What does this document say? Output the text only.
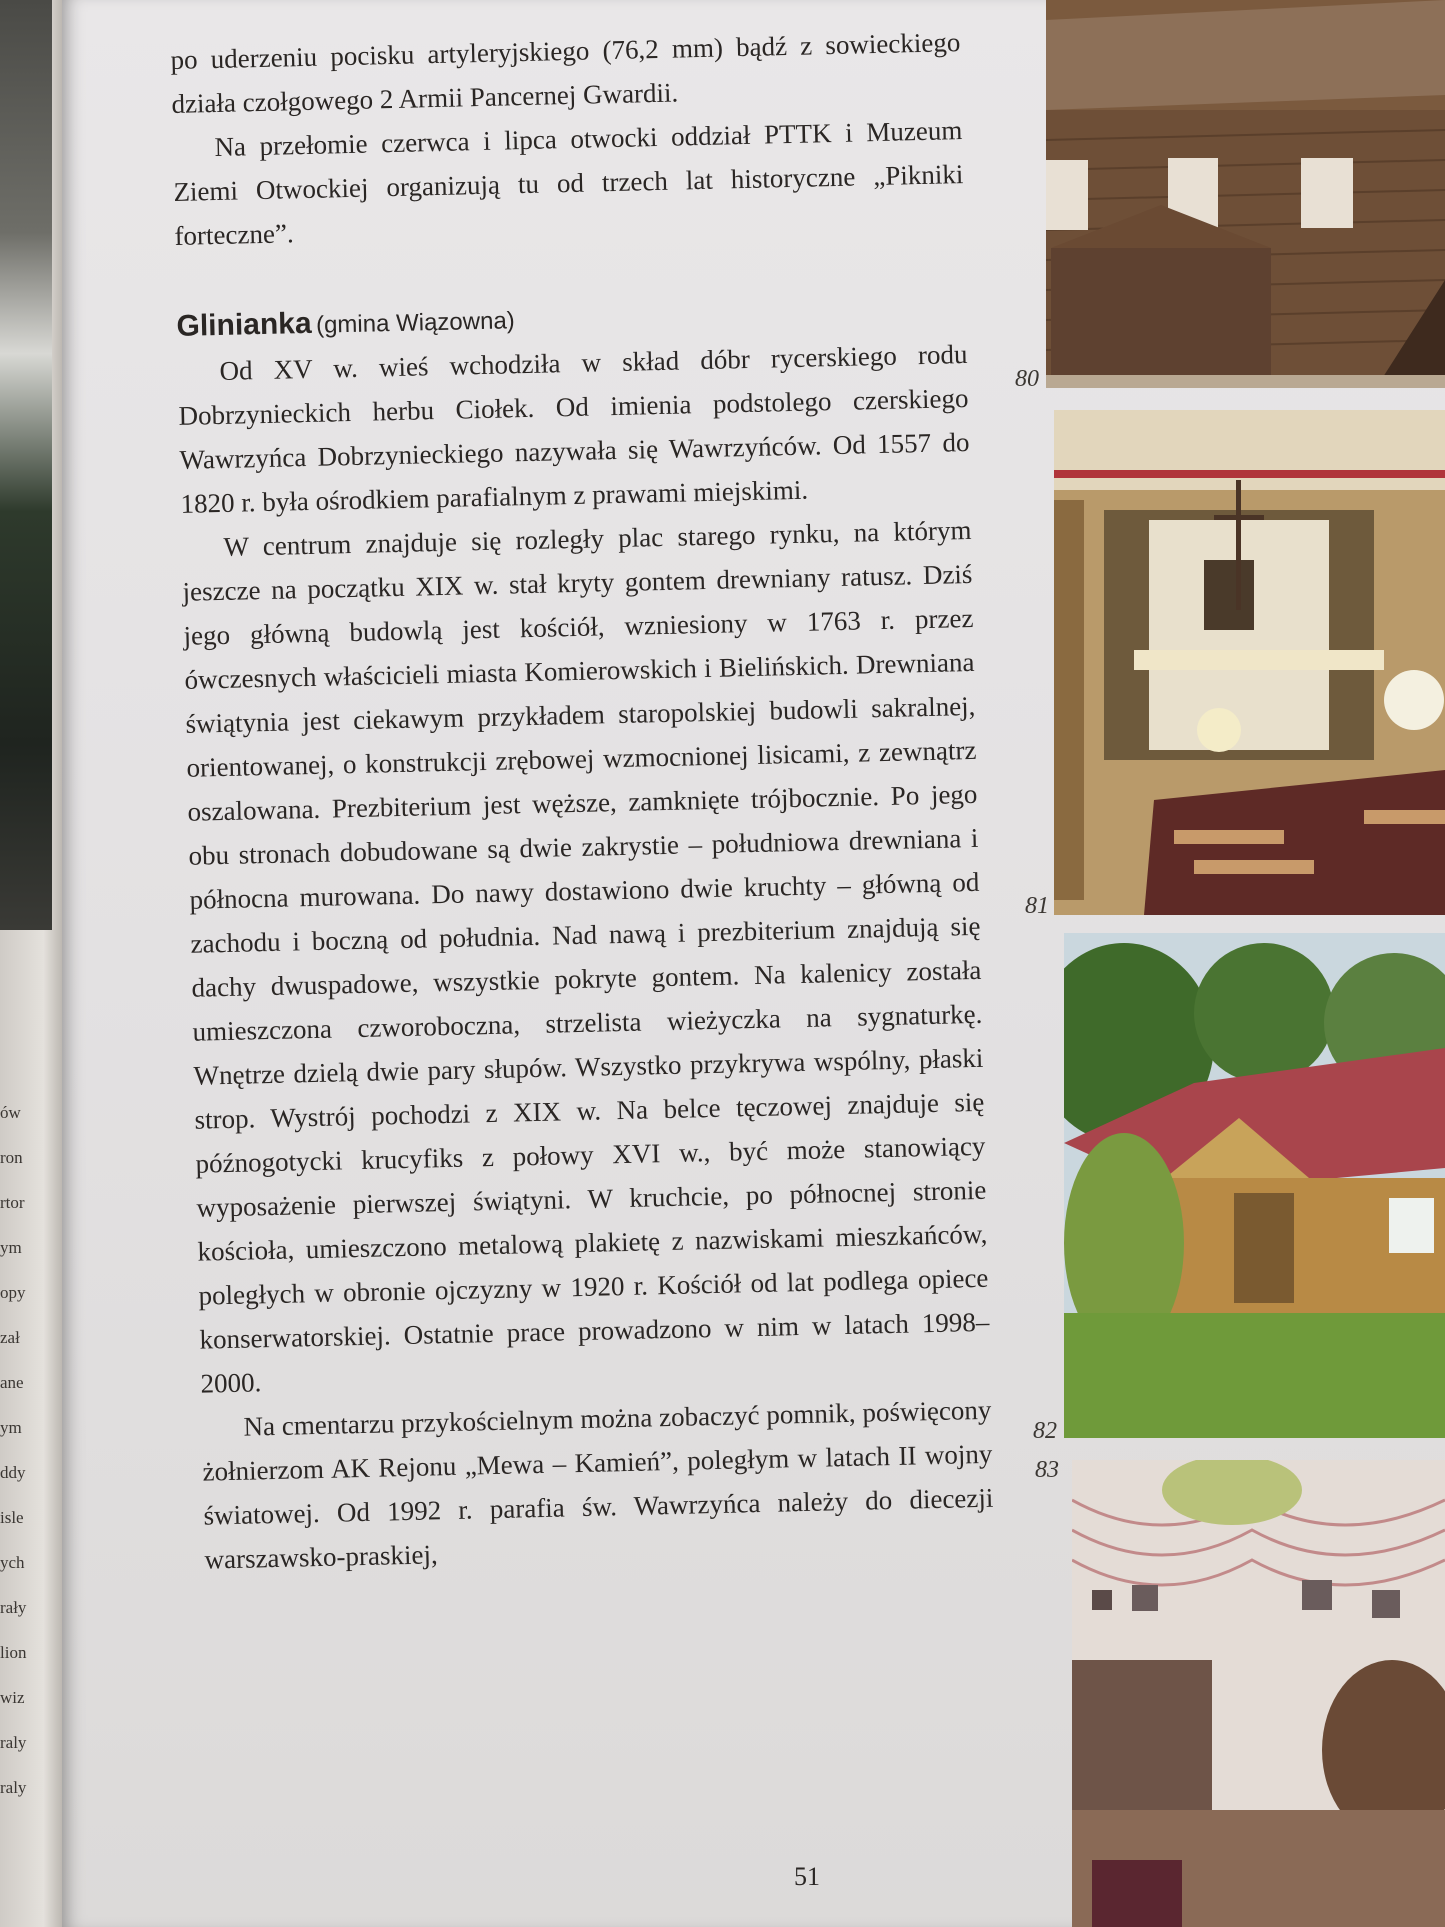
ów
ron
rtor
ym
opy
zał
ane
ym
ddy
isle
ych
rały
lion
wiz
raly
raly

po uderzeniu pocisku artyleryjskiego (76,2 mm) bądź z sowieckiego działa czołgowego 2 Armii Pancernej Gwardii.

Na przełomie czerwca i lipca otwocki oddział PTTK i Muzeum Ziemi Otwockiej organizują tu od trzech lat historyczne „Pikniki forteczne”.

Glinianka (gmina Wiązowna)

Od XV w. wieś wchodziła w skład dóbr rycerskiego rodu Dobrzynieckich herbu Ciołek. Od imienia podstolego czerskiego Wawrzyńca Dobrzynieckiego nazywała się Wawrzyńców. Od 1557 do 1820 r. była ośrodkiem parafialnym z prawami miejskimi.

W centrum znajduje się rozległy plac starego rynku, na którym jeszcze na początku XIX w. stał kryty gontem drewniany ratusz. Dziś jego główną budowlą jest kościół, wzniesiony w 1763 r. przez ówczesnych właścicieli miasta Komierowskich i Bielińskich. Drewniana świątynia jest ciekawym przykładem staropolskiej budowli sakralnej, orientowanej, o konstrukcji zrębowej wzmocnionej lisicami, z zewnątrz oszalowana. Prezbiterium jest węższe, zamknięte trójbocznie. Po jego obu stronach dobudowane są dwie zakrystie – południowa drewniana i północna murowana. Do nawy dostawiono dwie kruchty – główną od zachodu i boczną od południa. Nad nawą i prezbiterium znajdują się dachy dwuspadowe, wszystkie pokryte gontem. Na kalenicy została umieszczona czworoboczna, strzelista wieżyczka na sygnaturkę. Wnętrze dzielą dwie pary słupów. Wszystko przykrywa wspólny, płaski strop. Wystrój pochodzi z XIX w. Na belce tęczowej znajduje się późnogotycki krucyfiks z połowy XVI w., być może stanowiący wyposażenie pierwszej świątyni. W kruchcie, po północnej stronie kościoła, umieszczono metalową plakietę z nazwiskami mieszkańców, poległych w obronie ojczyzny w 1920 r. Kościół od lat podlega opiece konserwatorskiej. Ostatnie prace prowadzono w nim w latach 1998–2000.

Na cmentarzu przykościelnym można zobaczyć pomnik, poświęcony żołnierzom AK Rejonu „Mewa – Kamień”, poległym w latach II wojny światowej. Od 1992 r. parafia św. Wawrzyńca należy do diecezji warszawsko-praskiej,

51
80
81
82
83
